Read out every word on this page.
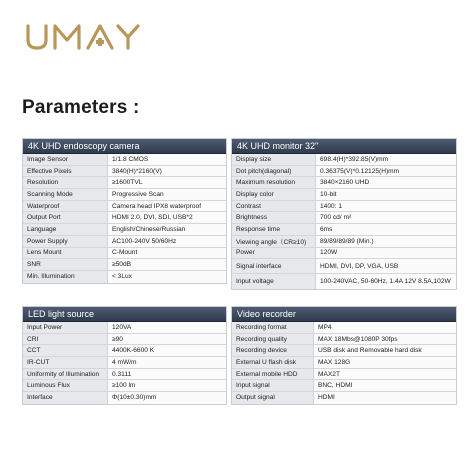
Parameters :
4K UHD endoscopy camera
Image Sensor	1/1.8 CMOS
Effective Pixels	3840(H)*2160(V)
Resolution	≥1600TVL
Scanning Mode	Progressive Scan
Waterproof	Camera head IPX8 waterproof
Output Port	HDMI 2.0, DVI, SDI, USB*2
Language	English/Chinese/Russian
Power Supply	AC100-240V 50/60Hz
Lens Mount	C-Mount
SNR	≥50dB
Min. Illumination	< 3Lux
4K UHD monitor 32"
Display size	698.4(H)*392.85(V)mm
Dot pitch(diagonal)	0.36375(V)*0.12125(H)mm
Maximum resolution	3840×2160 UHD
Display color	10-bit
Contrast	1400: 1
Brightness	700 cd/ m²
Response time	6ms
Viewing angle（CR≥10)	89/89/89/89 (Min.)
Power	120W
Signal interface	HDMI, DVI, DP, VGA, USB
Input voltage	100-240VAC, 50-60Hz, 1.4A 12V 8.5A,102W
LED light source
Input Power	120VA
CRI	≥90
CCT	4400K-6600 K
IR-CUT	4 mW/m
Uniformity of Illumination	0.3111
Luminous Flux	≥100 lm
Interface	Φ(10±0.30)mm
Video recorder
Recording format	MP4
Recording quality	MAX 18Mbs@1080P 30fps
Recording device	USB disk and Removable hard disk
External U flash disk	MAX 128G
External mobile HDD	MAX2T
Input signal	BNC, HDMI
Output signal	HDMI
